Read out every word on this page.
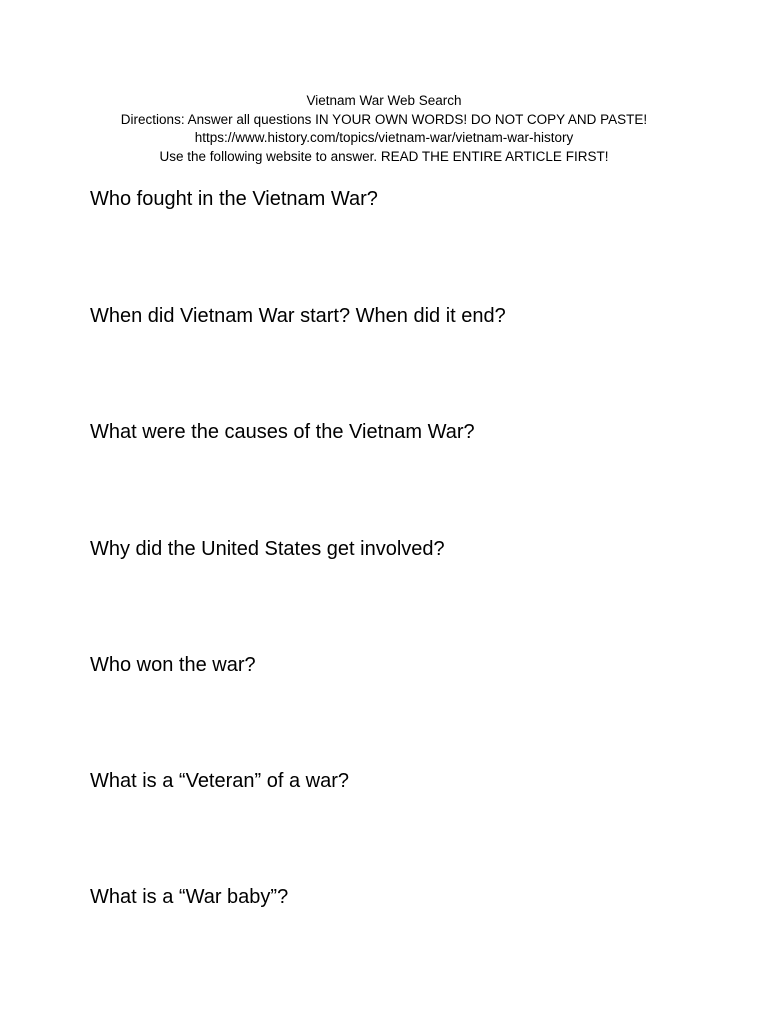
Vietnam War Web Search
Directions: Answer all questions IN YOUR OWN WORDS! DO NOT COPY AND PASTE!
https://www.history.com/topics/vietnam-war/vietnam-war-history
Use the following website to answer. READ THE ENTIRE ARTICLE FIRST!
Who fought in the Vietnam War?
When did Vietnam War start? When did it end?
What were the causes of the Vietnam War?
Why did the United States get involved?
Who won the war?
What is a “Veteran” of a war?
What is a “War baby”?
